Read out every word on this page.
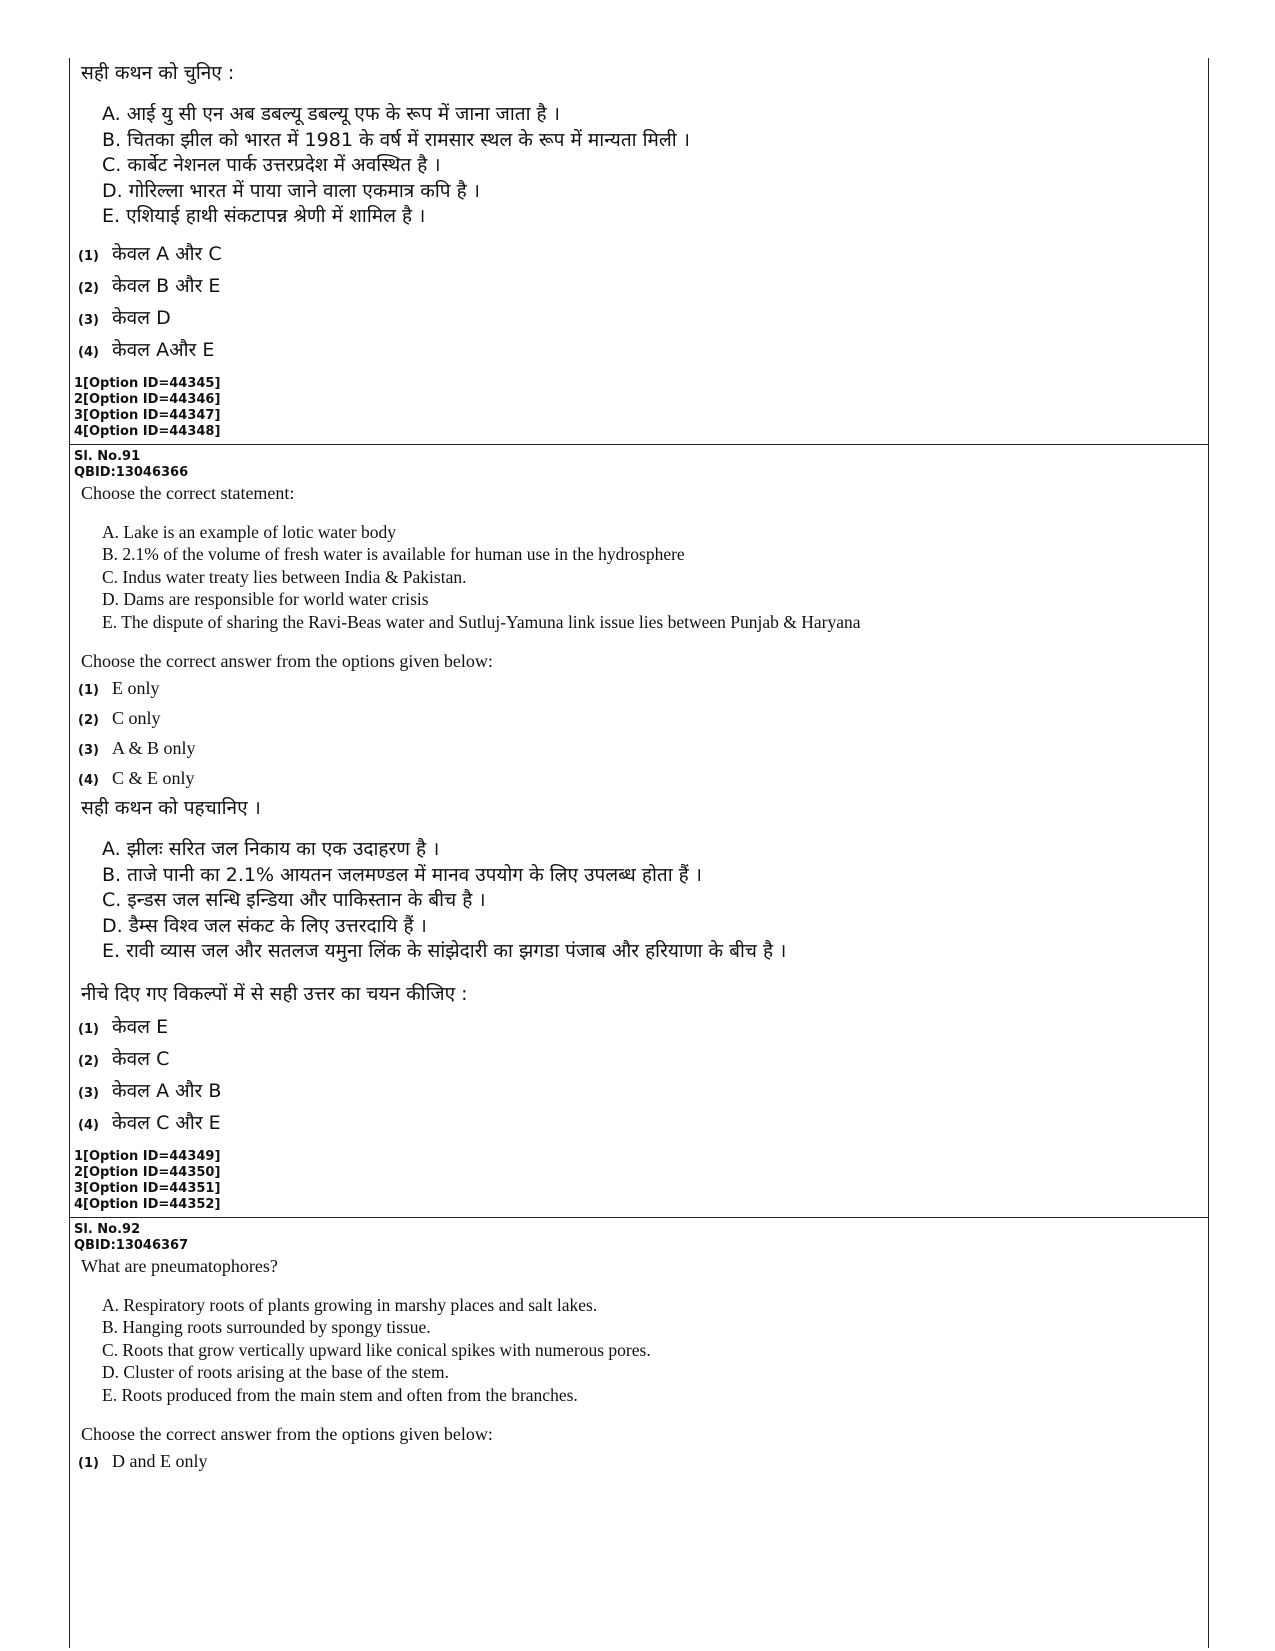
सही कथन को चुनिए :
A. आई यु सी एन अब डबल्यू डबल्यू एफ के रूप में जाना जाता है ।
B. चितका झील को भारत में 1981 के वर्ष में रामसार स्थल के रूप में मान्यता मिली ।
C. कार्बेट नेशनल पार्क उत्तरप्रदेश में अवस्थित है ।
D. गोरिल्ला भारत में पाया जाने वाला एकमात्र कपि है ।
E. एशियाई हाथी संकटापन्न श्रेणी में शामिल है ।
(1) केवल A और C
(2) केवल B और E
(3) केवल D
(4) केवल Aऔर E
1[Option ID=44345]
2[Option ID=44346]
3[Option ID=44347]
4[Option ID=44348]
Sl. No.91
QBID:13046366
Choose the correct statement:
A. Lake is an example of lotic water body
B. 2.1% of the volume of fresh water is available for human use in the hydrosphere
C. Indus water treaty lies between India & Pakistan.
D. Dams are responsible for world water crisis
E. The dispute of sharing the Ravi-Beas water and Sutluj-Yamuna link issue lies between Punjab & Haryana
Choose the correct answer from the options given below:
(1) E only
(2) C only
(3) A & B only
(4) C & E only
सही कथन को पहचानिए ।
A. झीलः सरित जल निकाय का एक उदाहरण है ।
B. ताजे पानी का 2.1% आयतन जलमण्डल में मानव उपयोग के लिए उपलब्ध होता हैं ।
C. इन्डस जल सन्धि इन्डिया और पाकिस्तान के बीच है ।
D. डैम्स विश्व जल संकट के लिए उत्तरदायि हैं ।
E. रावी व्यास जल और सतलज यमुना लिंक के सांझेदारी का झगडा पंजाब और हरियाणा के बीच है ।
नीचे दिए गए विकल्पों में से सही उत्तर का चयन कीजिए :
(1) केवल E
(2) केवल C
(3) केवल A और B
(4) केवल C और E
1[Option ID=44349]
2[Option ID=44350]
3[Option ID=44351]
4[Option ID=44352]
Sl. No.92
QBID:13046367
What are pneumatophores?
A. Respiratory roots of plants growing in marshy places and salt lakes.
B. Hanging roots surrounded by spongy tissue.
C. Roots that grow vertically upward like conical spikes with numerous pores.
D. Cluster of roots arising at the base of the stem.
E. Roots produced from the main stem and often from the branches.
Choose the correct answer from the options given below:
(1) D and E only
